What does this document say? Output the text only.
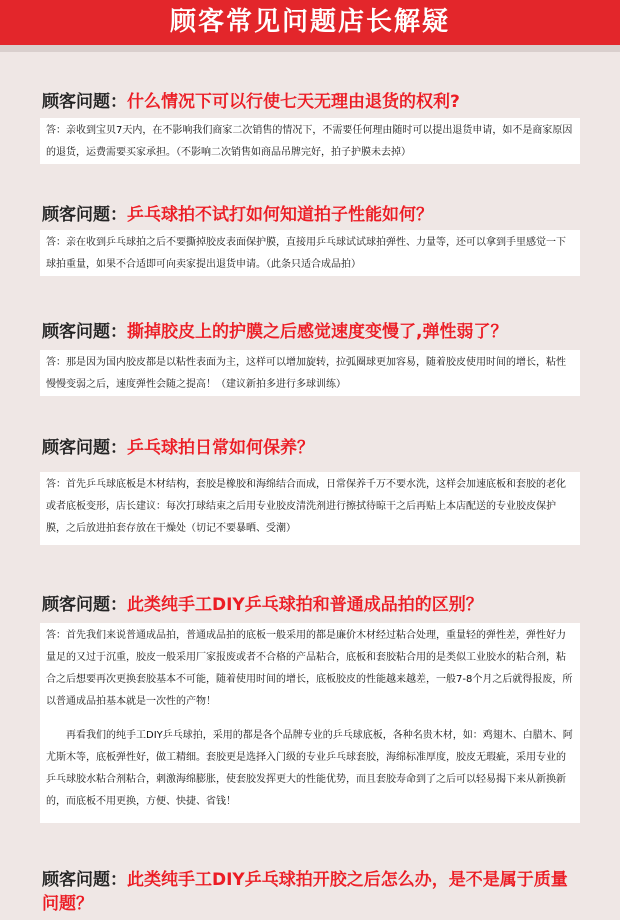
顾客常见问题店长解疑
顾客问题：什么情况下可以行使七天无理由退货的权利?

答：亲收到宝贝7天内，在不影响我们商家二次销售的情况下，不需要任何理由随时可以提出退货申请，如不是商家原因的退货，运费需要买家承担。（不影响二次销售如商品吊牌完好，拍子护膜未去掉）

顾客问题：乒乓球拍不试打如何知道拍子性能如何？

答：亲在收到乒乓球拍之后不要撕掉胶皮表面保护膜，直接用乒乓球试试球拍弹性、力量等，还可以拿到手里感觉一下球拍重量，如果不合适即可向卖家提出退货申请。（此条只适合成品拍）

顾客问题：撕掉胶皮上的护膜之后感觉速度变慢了,弹性弱了？

答：那是因为国内胶皮都是以粘性表面为主，这样可以增加旋转，拉弧圈球更加容易，随着胶皮使用时间的增长，粘性慢慢变弱之后，速度弹性会随之提高！（建议新拍多进行多球训练）

顾客问题：乒乓球拍日常如何保养？

答：首先乒乓球底板是木材结构，套胶是橡胶和海绵结合而成，日常保养千万不要水洗，这样会加速底板和套胶的老化或者底板变形，店长建议：每次打球结束之后用专业胶皮清洗剂进行擦拭待晾干之后再贴上本店配送的专业胶皮保护膜，之后放进拍套存放在干燥处（切记不要暴晒、受潮）

顾客问题：此类纯手工DIY乒乓球拍和普通成品拍的区别？

答：首先我们来说普通成品拍，普通成品拍的底板一般采用的都是廉价木材经过粘合处理，重量轻的弹性差，弹性好力量足的又过于沉重，胶皮一般采用厂家报废或者不合格的产品粘合，底板和套胶粘合用的是类似工业胶水的粘合剂，粘合之后想要再次更换套胶基本不可能，随着使用时间的增长，底板胶皮的性能越来越差，一般7-8个月之后就得报废，所以普通成品拍基本就是一次性的产物！

再看我们的纯手工DIY乒乓球拍，采用的都是各个品牌专业的乒乓球底板，各种名贵木材，如：鸡翅木、白腊木、阿尤斯木等，底板弹性好，做工精细。套胶更是选择入门级的专业乒乓球套胶，海绵标准厚度，胶皮无瑕疵，采用专业的乒乓球胶水粘合剂粘合，刺激海绵膨胀，使套胶发挥更大的性能优势，而且套胶寿命到了之后可以轻易揭下来从新换新的，而底板不用更换，方便、快捷、省钱！

顾客问题：此类纯手工DIY乒乓球拍开胶之后怎么办，是不是属于质量问题？
